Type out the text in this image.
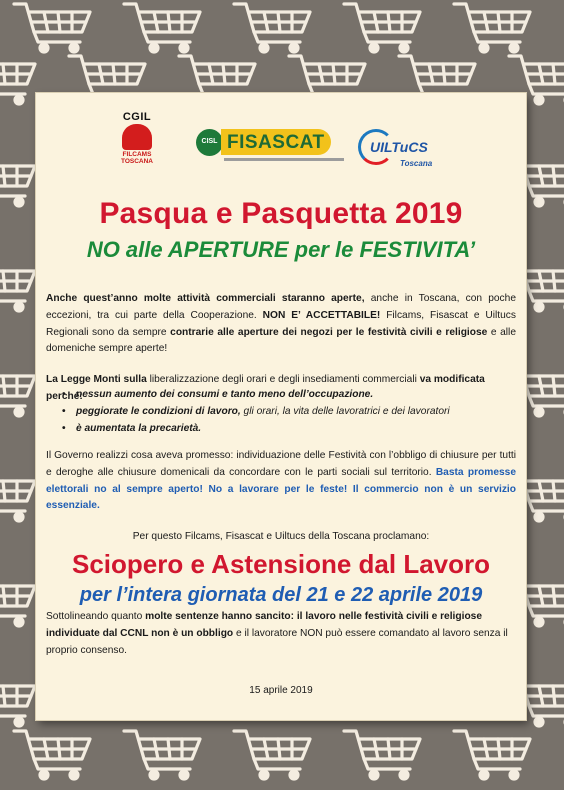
CGIL
FILCAMS
TOSCANA
CISL FISASCAT	UILTuCS
Toscana
Pasqua e Pasquetta 2019
NO alle APERTURE per le FESTIVITA’
Anche quest’anno molte attività commerciali staranno aperte, anche in Toscana, con poche eccezioni, tra cui parte della Cooperazione. NON E’ ACCETTABILE! Filcams, Fisascat e Uiltucs Regionali sono da sempre contrarie alle aperture dei negozi per le festività civili e religiose e alle domeniche sempre aperte!
La Legge Monti sulla liberalizzazione degli orari e degli insediamenti commerciali va modificata perché:
• nessun aumento dei consumi e tanto meno dell’occupazione.
• peggiorate le condizioni di lavoro, gli orari, la vita delle lavoratrici e dei lavoratori
• è aumentata la precarietà.
Il Governo realizzi cosa aveva promesso: individuazione delle Festività con l’obbligo di chiusure per tutti e deroghe alle chiusure domenicali da concordare con le parti sociali sul territorio. Basta promesse elettorali no al sempre aperto! No a lavorare per le feste! Il commercio non è un servizio essenziale.
Per questo Filcams, Fisascat e Uiltucs della Toscana proclamano:
Sciopero e Astensione dal Lavoro
per l’intera giornata del 21 e 22 aprile 2019
Sottolineando quanto molte sentenze hanno sancito: il lavoro nelle festività civili e religiose individuate dal CCNL non è un obbligo e il lavoratore NON può essere comandato al lavoro senza il proprio consenso.
15 aprile 2019
